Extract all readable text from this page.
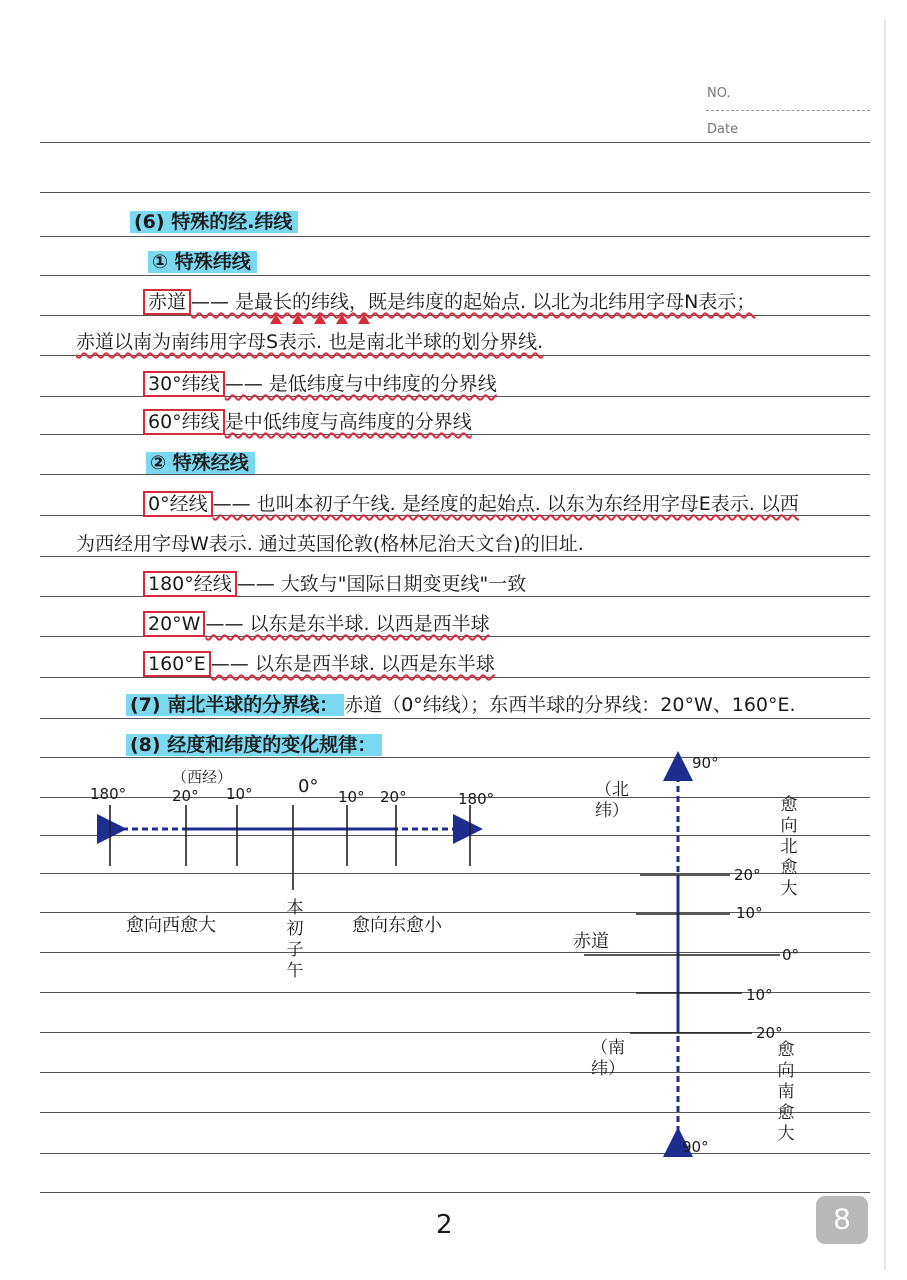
NO.
Date
(6) 特殊的经.纬线
① 特殊纬线
赤道 —— 是最长的纬线，既是纬度的起始点. 以北为北纬用字母N表示；
赤道以南为南纬用字母S表示. 也是南北半球的划分界线.
30°纬线 —— 是低纬度与中纬度的分界线
60°纬线 是中低纬度与高纬度的分界线
② 特殊经线
0°经线 —— 也叫本初子午线. 是经度的起始点. 以东为东经用字母E表示. 以西
为西经用字母W表示. 通过英国伦敦(格林尼治天文台)的旧址.
180°经线 —— 大致与"国际日期变更线"一致
20°W —— 以东是东半球. 以西是西半球
160°E —— 以东是西半球. 以西是东半球
(7) 南北半球的分界线： 赤道（0°纬线）；东西半球的分界线：20°W、160°E.
(8) 经度和纬度的变化规律：
（西经）
180°	20° 10°	0° 10° 20°	180°
愈向西愈大	愈向东愈小
本初子午
90°
90°
（北纬）
（南纬）
赤道
20°
10°
0°
10°
20°
愈向北愈大
愈向南愈大
2	8
